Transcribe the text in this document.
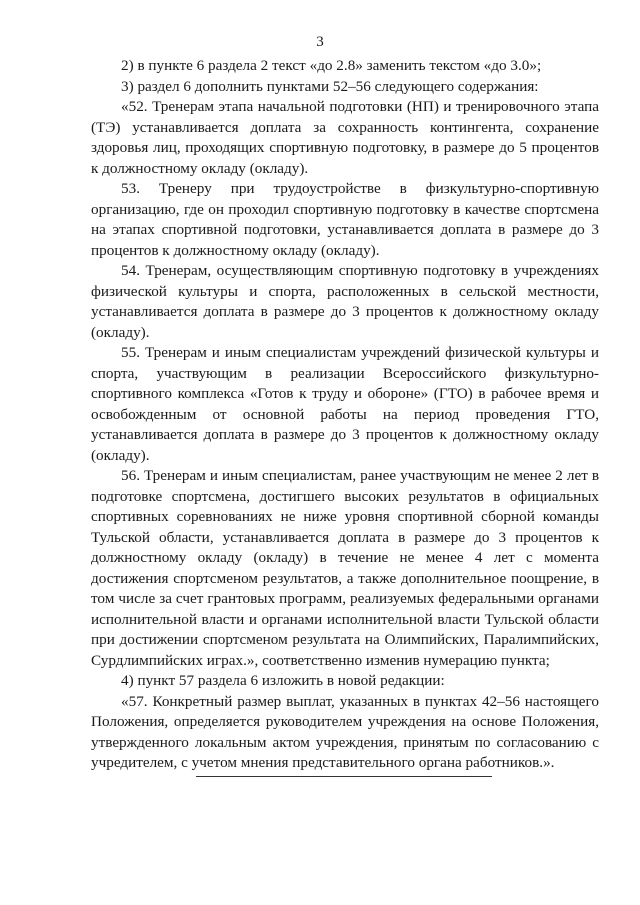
3

2) в пункте 6 раздела 2 текст «до 2.8» заменить текстом «до 3.0»;

3) раздел 6 дополнить пунктами 52–56 следующего содержания:

«52. Тренерам этапа начальной подготовки (НП) и тренировочного этапа (ТЭ) устанавливается доплата за сохранность контингента, сохранение здоровья лиц, проходящих спортивную подготовку, в размере до 5 процентов к должностному окладу (окладу).

53. Тренеру при трудоустройстве в физкультурно-спортивную организацию, где он проходил спортивную подготовку в качестве спортсмена на этапах спортивной подготовки, устанавливается доплата в размере до 3 процентов к должностному окладу (окладу).

54. Тренерам, осуществляющим спортивную подготовку в учреждениях физической культуры и спорта, расположенных в сельской местности, устанавливается доплата в размере до 3 процентов к должностному окладу (окладу).

55. Тренерам и иным специалистам учреждений физической культуры и спорта, участвующим в реализации Всероссийского физкультурно-спортивного комплекса «Готов к труду и обороне» (ГТО) в рабочее время и освобожденным от основной работы на период проведения ГТО, устанавливается доплата в размере до 3 процентов к должностному окладу (окладу).

56. Тренерам и иным специалистам, ранее участвующим не менее 2 лет в подготовке спортсмена, достигшего высоких результатов в официальных спортивных соревнованиях не ниже уровня спортивной сборной команды Тульской области, устанавливается доплата в размере до 3 процентов к должностному окладу (окладу) в течение не менее 4 лет с момента достижения спортсменом результатов, а также дополнительное поощрение, в том числе за счет грантовых программ, реализуемых федеральными органами исполнительной власти и органами исполнительной власти Тульской области при достижении спортсменом результата на Олимпийских, Паралимпийских, Сурдлимпийских играх.», соответственно изменив нумерацию пункта;

4) пункт 57 раздела 6 изложить в новой редакции:

«57. Конкретный размер выплат, указанных в пунктах 42–56 настоящего Положения, определяется руководителем учреждения на основе Положения, утвержденного локальным актом учреждения, принятым по согласованию с учредителем, с учетом мнения представительного органа работников.».
